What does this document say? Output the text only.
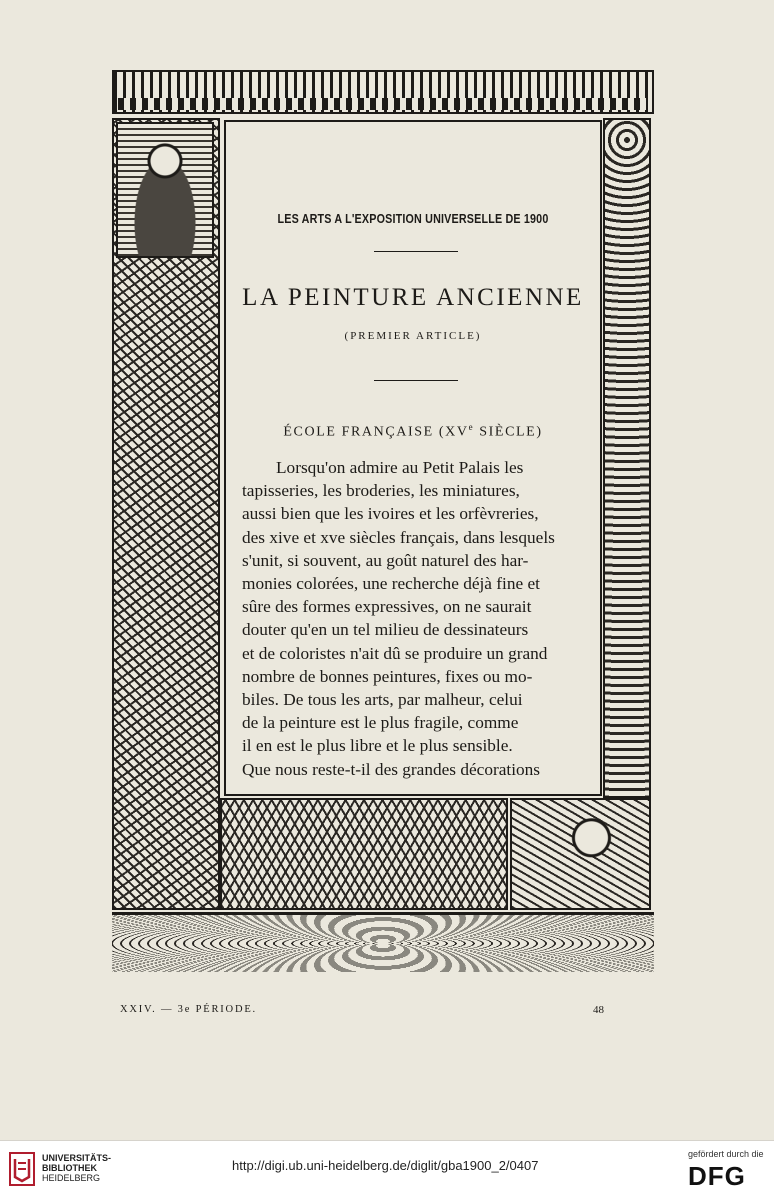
LES ARTS A L'EXPOSITION UNIVERSELLE DE 1900
LA PEINTURE ANCIENNE
(PREMIER ARTICLE)
ÉCOLE FRANÇAISE (XVe SIÈCLE)
Lorsqu'on admire au Petit Palais les
tapisseries, les broderies, les miniatures,
aussi bien que les ivoires et les orfèvreries,
des xive et xve siècles français, dans lesquels
s'unit, si souvent, au goût naturel des har-
monies colorées, une recherche déjà fine et
sûre des formes expressives, on ne saurait
douter qu'en un tel milieu de dessinateurs
et de coloristes n'ait dû se produire un grand
nombre de bonnes peintures, fixes ou mo-
biles. De tous les arts, par malheur, celui
de la peinture est le plus fragile, comme
il en est le plus libre et le plus sensible.
Que nous reste-t-il des grandes décorations
XXIV. — 3e PÉRIODE.	48
UNIVERSITÄTS-
BIBLIOTHEK
HEIDELBERG
http://digi.ub.uni-heidelberg.de/diglit/gba1900_2/0407
gefördert durch die
DFG
